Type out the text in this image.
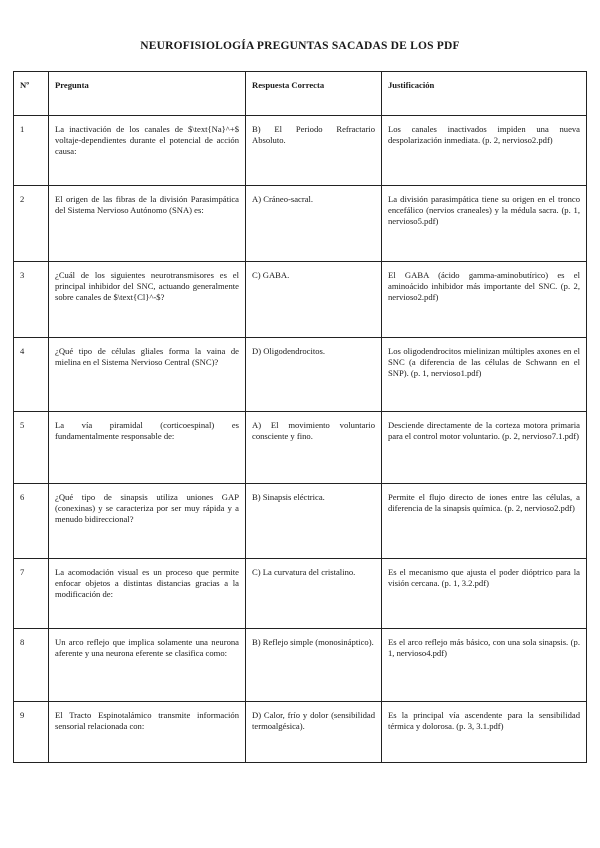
NEUROFISIOLOGÍA PREGUNTAS SACADAS DE LOS PDF
Nº	Pregunta	Respuesta Correcta	Justificación
1	La inactivación de los canales de $\text{Na}^+$ voltaje-dependientes durante el potencial de acción causa:	B) El Periodo Refractario Absoluto.	Los canales inactivados impiden una nueva despolarización inmediata. (p. 2, nervioso2.pdf)
2	El origen de las fibras de la división Parasimpática del Sistema Nervioso Autónomo (SNA) es:	A) Cráneo-sacral.	La división parasimpática tiene su origen en el tronco encefálico (nervios craneales) y la médula sacra. (p. 1, nervioso5.pdf)
3	¿Cuál de los siguientes neurotransmisores es el principal inhibidor del SNC, actuando generalmente sobre canales de $\text{Cl}^-$?	C) GABA.	El GABA (ácido gamma-aminobutírico) es el aminoácido inhibidor más importante del SNC. (p. 2, nervioso2.pdf)
4	¿Qué tipo de células gliales forma la vaina de mielina en el Sistema Nervioso Central (SNC)?	D) Oligodendrocitos.	Los oligodendrocitos mielinizan múltiples axones en el SNC (a diferencia de las células de Schwann en el SNP). (p. 1, nervioso1.pdf)
5	La vía piramidal (corticoespinal) es fundamentalmente responsable de:	A) El movimiento voluntario consciente y fino.	Desciende directamente de la corteza motora primaria para el control motor voluntario. (p. 2, nervioso7.1.pdf)
6	¿Qué tipo de sinapsis utiliza uniones GAP (conexinas) y se caracteriza por ser muy rápida y a menudo bidireccional?	B) Sinapsis eléctrica.	Permite el flujo directo de iones entre las células, a diferencia de la sinapsis química. (p. 2, nervioso2.pdf)
7	La acomodación visual es un proceso que permite enfocar objetos a distintas distancias gracias a la modificación de:	C) La curvatura del cristalino.	Es el mecanismo que ajusta el poder dióptrico para la visión cercana. (p. 1, 3.2.pdf)
8	Un arco reflejo que implica solamente una neurona aferente y una neurona eferente se clasifica como:	B) Reflejo simple (monosináptico).	Es el arco reflejo más básico, con una sola sinapsis. (p. 1, nervioso4.pdf)
9	El Tracto Espinotalámico transmite información sensorial relacionada con:	D) Calor, frío y dolor (sensibilidad termoalgésica).	Es la principal vía ascendente para la sensibilidad térmica y dolorosa. (p. 3, 3.1.pdf)
